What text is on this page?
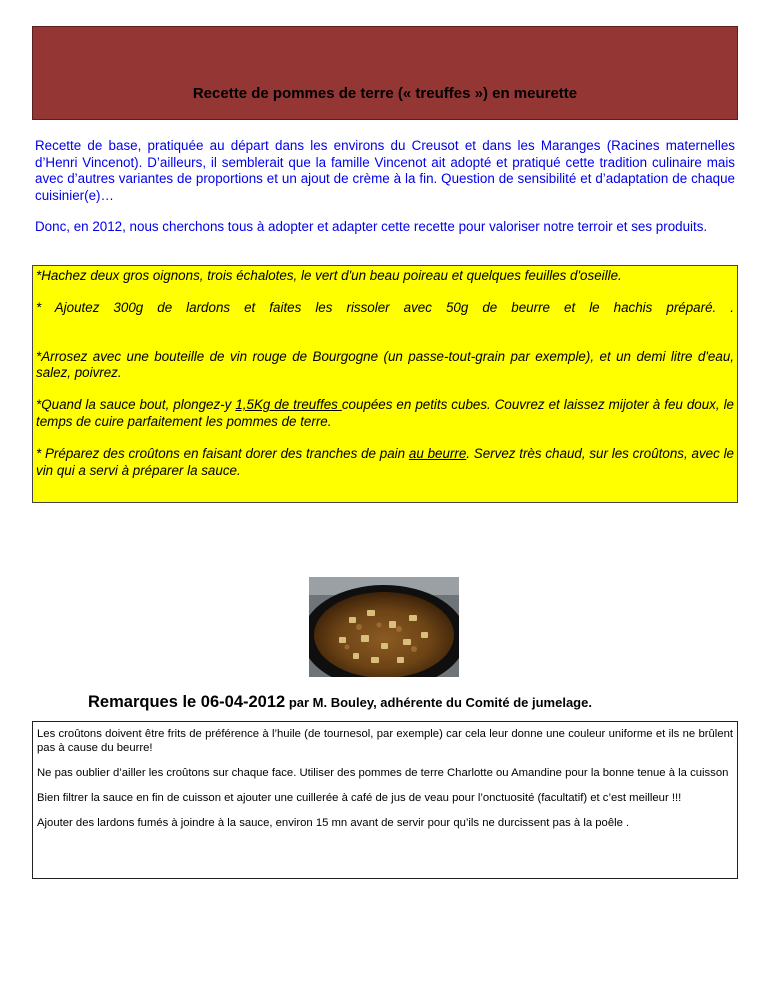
Recette de pommes de terre (« treuffes ») en meurette

Recette de base, pratiquée au départ dans les environs du Creusot et dans les Maranges (Racines maternelles d’Henri Vincenot). D’ailleurs, il semblerait que la famille Vincenot ait adopté et pratiqué cette tradition culinaire mais avec d’autres variantes de proportions et un ajout de crème à la fin. Question de sensibilité et d’adaptation de chaque cuisinier(e)…

Donc, en 2012, nous cherchons tous à adopter et adapter cette recette pour valoriser notre terroir et ses produits.

*Hachez deux gros oignons, trois échalotes, le vert d'un beau poireau et quelques feuilles d'oseille.

* Ajoutez 300g de lardons et faites les rissoler avec 50g de beurre et le hachis préparé. .

*Arrosez avec une bouteille de vin rouge de Bourgogne (un passe-tout-grain par exemple), et un demi litre d'eau, salez, poivrez.

*Quand la sauce bout, plongez-y 1,5Kg de treuffes coupées en petits cubes. Couvrez et laissez mijoter à feu doux, le temps de cuire parfaitement les pommes de terre.

* Préparez des croûtons en faisant dorer des tranches de pain au beurre. Servez très chaud, sur les croûtons, avec le vin qui a servi à préparer la sauce.

Remarques le 06-04-2012 par M. Bouley, adhérente du Comité de jumelage.

Les croûtons doivent être frits de préférence à l’huile (de tournesol, par exemple) car cela leur donne une couleur uniforme et ils ne brûlent pas à cause du beurre!

Ne pas oublier d’ailler les croûtons sur chaque face. Utiliser des pommes de terre Charlotte ou Amandine pour la bonne tenue à la cuisson

Bien filtrer la sauce en fin de cuisson et ajouter une cuillerée à café de jus de veau pour l’onctuosité (facultatif) et c’est meilleur !!!

Ajouter des lardons fumés à joindre à la sauce, environ 15 mn avant de servir pour qu’ils ne durcissent pas à la poêle .
